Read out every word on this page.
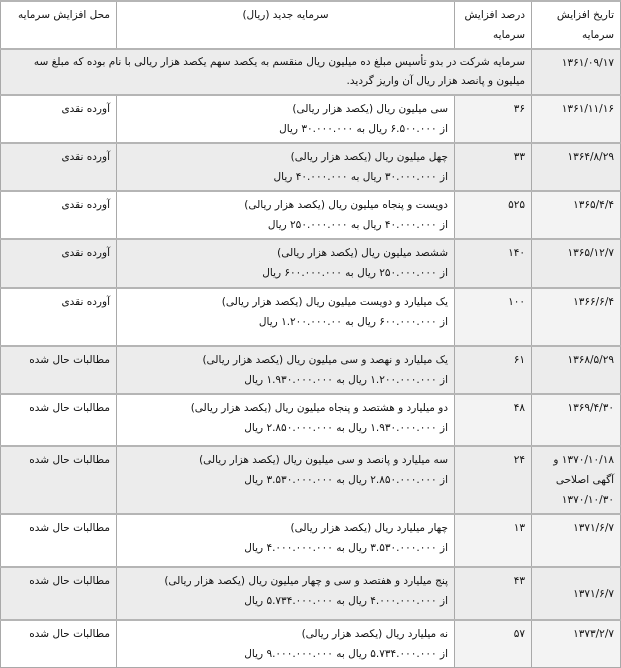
تاریخ افزایش سرمایه	درصد افزایش سرمایه	سرمایه جدید (ریال)	محل افزایش سرمایه
۱۳۶۱/۰۹/۱۷	سرمایه شرکت در بدو تأسیس مبلغ ده میلیون ریال منقسم به یکصد سهم یکصد هزار ریالی با نام بوده که مبلغ سه میلیون و پانصد هزار ریال آن واریز گردید.		
۱۳۶۱/۱۱/۱۶	۳۶	سی میلیون ریال (یکصد هزار ریالی)
از ۶.۵۰۰.۰۰۰ ریال به ۳۰.۰۰۰.۰۰۰ ریال	آورده نقدی
۱۳۶۴/۸/۲۹	۳۳	چهل میلیون ریال (یکصد هزار ریالی)
از ۳۰.۰۰۰.۰۰۰ ریال به ۴۰.۰۰۰.۰۰۰ ریال	آورده نقدی
۱۳۶۵/۴/۴	۵۲۵	دویست و پنجاه میلیون ریال (یکصد هزار ریالی)
از ۴۰.۰۰۰.۰۰۰ ریال به ۲۵۰.۰۰۰.۰۰۰ ریال	آورده نقدی
۱۳۶۵/۱۲/۷	۱۴۰	ششصد میلیون ریال (یکصد هزار ریالی)
از ۲۵۰.۰۰۰.۰۰۰ ریال به ۶۰۰.۰۰۰.۰۰۰ ریال	آورده نقدی
۱۳۶۶/۶/۴	۱۰۰	یک میلیارد و دویست میلیون ریال (یکصد هزار ریالی)
از ۶۰۰.۰۰۰.۰۰۰ ریال به ۱.۲۰۰.۰۰۰.۰۰ ریال	آورده نقدی
۱۳۶۸/۵/۲۹	۶۱	یک میلیارد و نهصد و سی میلیون ریال (یکصد هزار ریالی)
از ۱.۲۰۰.۰۰۰.۰۰۰ ریال به ۱.۹۳۰.۰۰۰.۰۰۰ ریال	مطالبات حال شده
۱۳۶۹/۴/۳۰	۴۸	دو میلیارد و هشتصد و پنجاه میلیون ریال (یکصد هزار ریالی)
از ۱.۹۳۰.۰۰۰.۰۰۰ ریال به ۲.۸۵۰.۰۰۰.۰۰۰ ریال	مطالبات حال شده
۱۳۷۰/۱۰/۱۸ و آگهی اصلاحی ۱۳۷۰/۱۰/۳۰	۲۴	سه میلیارد و پانصد و سی میلیون ریال (یکصد هزار ریالی)
از ۲.۸۵۰.۰۰۰.۰۰۰ ریال به ۳.۵۳۰.۰۰۰.۰۰۰ ریال	مطالبات حال شده
۱۳۷۱/۶/۷	۱۳	چهار میلیارد ریال (یکصد هزار ریالی)
از ۳.۵۳۰.۰۰۰.۰۰۰ ریال به ۴.۰۰۰.۰۰۰.۰۰۰ ریال	مطالبات حال شده
۱۳۷۱/۶/۷	۴۳	پنج میلیارد و هفتصد و سی و چهار میلیون ریال (یکصد هزار ریالی)
از ۴.۰۰۰.۰۰۰.۰۰۰ ریال به ۵.۷۳۴.۰۰۰.۰۰۰ ریال	مطالبات حال شده
۱۳۷۳/۲/۷	۵۷	نه میلیارد ریال (یکصد هزار ریالی)
از ۵.۷۳۴.۰۰۰.۰۰۰ ریال به ۹.۰۰۰.۰۰۰.۰۰۰ ریال	مطالبات حال شده
